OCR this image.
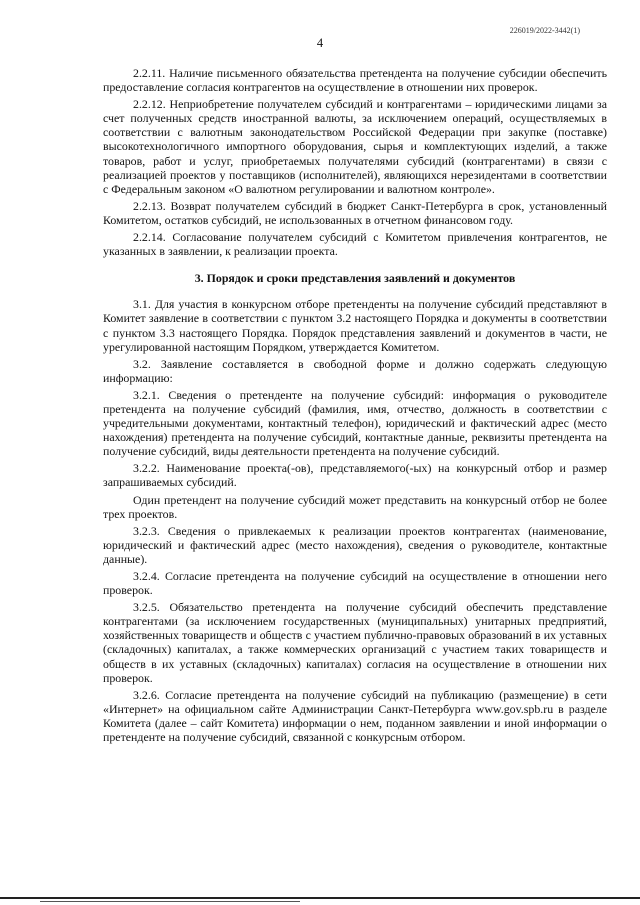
226019/2022-3442(1)
4

2.2.11. Наличие письменного обязательства претендента на получение субсидии обеспечить предоставление согласия контрагентов на осуществление в отношении них проверок.

2.2.12. Неприобретение получателем субсидий и контрагентами – юридическими лицами за счет полученных средств иностранной валюты, за исключением операций, осуществляемых в соответствии с валютным законодательством Российской Федерации при закупке (поставке) высокотехнологичного импортного оборудования, сырья и комплектующих изделий, а также товаров, работ и услуг, приобретаемых получателями субсидий (контрагентами) в связи с реализацией проектов у поставщиков (исполнителей), являющихся нерезидентами в соответствии с Федеральным законом «О валютном регулировании и валютном контроле».

2.2.13. Возврат получателем субсидий в бюджет Санкт-Петербурга в срок, установленный Комитетом, остатков субсидий, не использованных в отчетном финансовом году.

2.2.14. Согласование получателем субсидий с Комитетом привлечения контрагентов, не указанных в заявлении, к реализации проекта.

3. Порядок и сроки представления заявлений и документов

3.1. Для участия в конкурсном отборе претенденты на получение субсидий представляют в Комитет заявление в соответствии с пунктом 3.2 настоящего Порядка и документы в соответствии с пунктом 3.3 настоящего Порядка. Порядок представления заявлений и документов в части, не урегулированной настоящим Порядком, утверждается Комитетом.

3.2. Заявление составляется в свободной форме и должно содержать следующую информацию:

3.2.1. Сведения о претенденте на получение субсидий: информация о руководителе претендента на получение субсидий (фамилия, имя, отчество, должность в соответствии с учредительными документами, контактный телефон), юридический и фактический адрес (место нахождения) претендента на получение субсидий, контактные данные, реквизиты претендента на получение субсидий, виды деятельности претендента на получение субсидий.

3.2.2. Наименование проекта(-ов), представляемого(-ых) на конкурсный отбор и размер запрашиваемых субсидий.

Один претендент на получение субсидий может представить на конкурсный отбор не более трех проектов.

3.2.3. Сведения о привлекаемых к реализации проектов контрагентах (наименование, юридический и фактический адрес (место нахождения), сведения о руководителе, контактные данные).

3.2.4. Согласие претендента на получение субсидий на осуществление в отношении него проверок.

3.2.5. Обязательство претендента на получение субсидий обеспечить представление контрагентами (за исключением государственных (муниципальных) унитарных предприятий, хозяйственных товариществ и обществ с участием публично-правовых образований в их уставных (складочных) капиталах, а также коммерческих организаций с участием таких товариществ и обществ в их уставных (складочных) капиталах) согласия на осуществление в отношении них проверок.

3.2.6. Согласие претендента на получение субсидий на публикацию (размещение) в сети «Интернет» на официальном сайте Администрации Санкт-Петербурга www.gov.spb.ru в разделе Комитета (далее – сайт Комитета) информации о нем, поданном заявлении и иной информации о претенденте на получение субсидий, связанной с конкурсным отбором.
